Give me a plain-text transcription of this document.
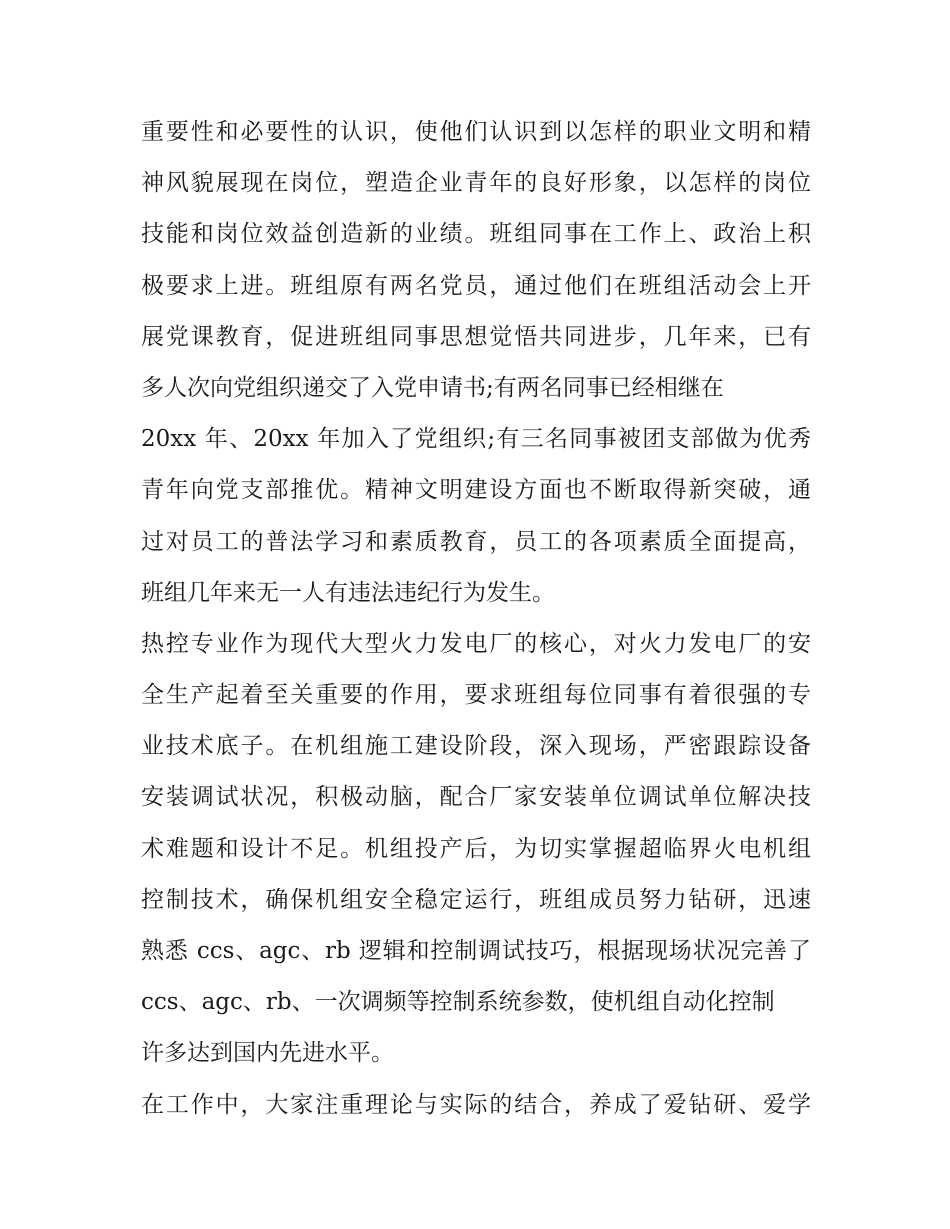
重要性和必要性的认识，使他们认识到以怎样的职业文明和精
神风貌展现在岗位，塑造企业青年的良好形象，以怎样的岗位
技能和岗位效益创造新的业绩。班组同事在工作上、政治上积
极要求上进。班组原有两名党员，通过他们在班组活动会上开
展党课教育，促进班组同事思想觉悟共同进步，几年来，已有
多人次向党组织递交了入党申请书;有两名同事已经相继在
20xx 年、20xx 年加入了党组织;有三名同事被团支部做为优秀
青年向党支部推优。精神文明建设方面也不断取得新突破，通
过对员工的普法学习和素质教育，员工的各项素质全面提高，
班组几年来无一人有违法违纪行为发生。
热控专业作为现代大型火力发电厂的核心，对火力发电厂的安
全生产起着至关重要的作用，要求班组每位同事有着很强的专
业技术底子。在机组施工建设阶段，深入现场，严密跟踪设备
安装调试状况，积极动脑，配合厂家安装单位调试单位解决技
术难题和设计不足。机组投产后，为切实掌握超临界火电机组
控制技术，确保机组安全稳定运行，班组成员努力钻研，迅速
熟悉 ccs、agc、rb 逻辑和控制调试技巧，根据现场状况完善了
ccs、agc、rb、一次调频等控制系统参数，使机组自动化控制
许多达到国内先进水平。
在工作中，大家注重理论与实际的结合，养成了爱钻研、爱学
